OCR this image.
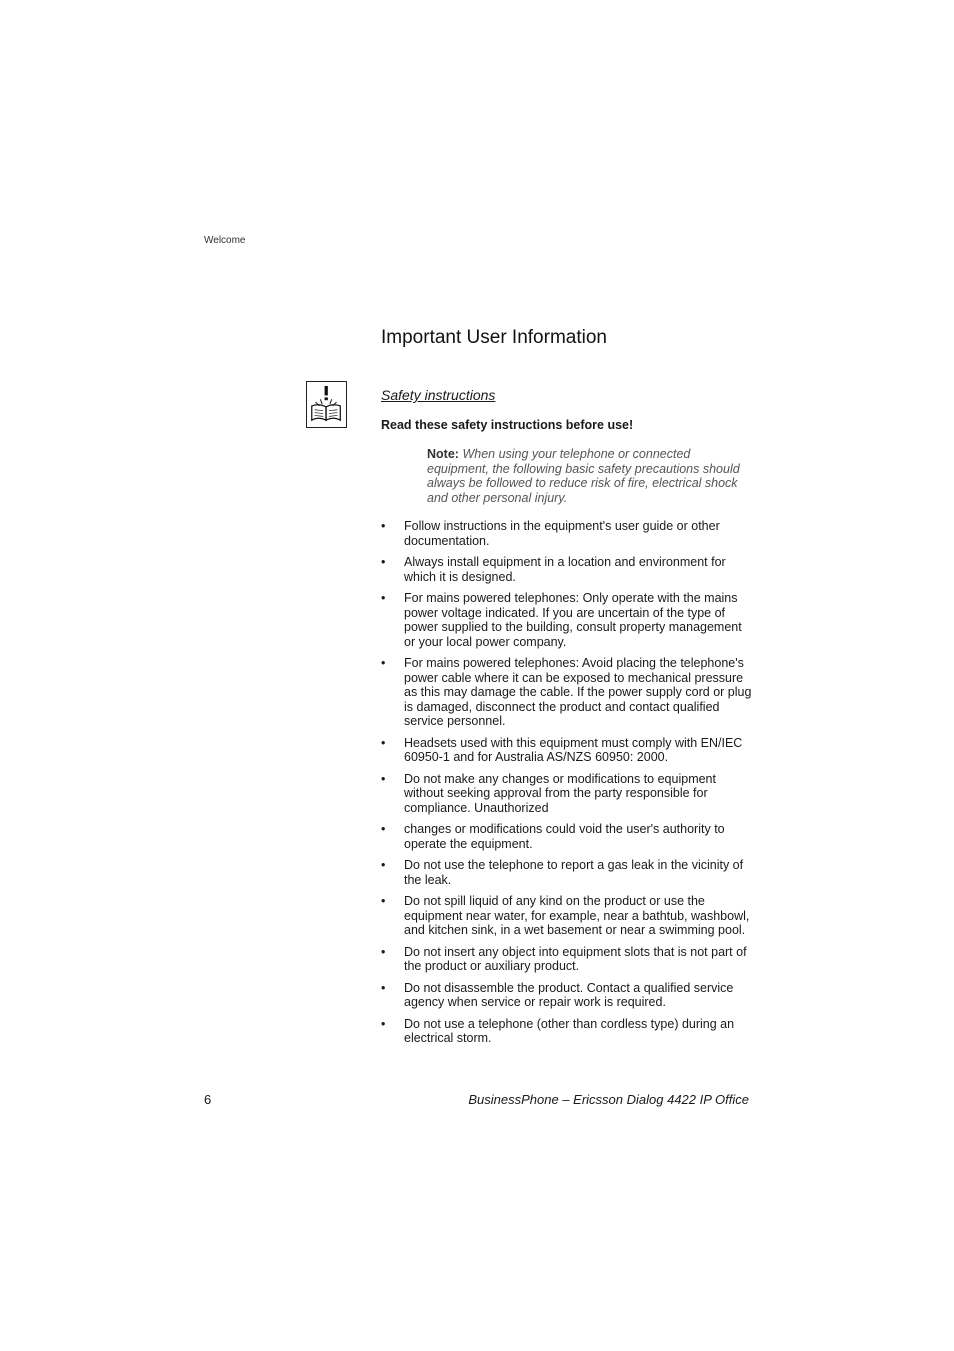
Welcome
Important User Information
Safety instructions

Read these safety instructions before use!

Note: When using your telephone or connected equipment, the following basic safety precautions should always be followed to reduce risk of fire, electrical shock and other personal injury.

• Follow instructions in the equipment's user guide or other documentation.
• Always install equipment in a location and environment for which it is designed.
• For mains powered telephones: Only operate with the mains power voltage indicated. If you are uncertain of the type of power supplied to the building, consult property management or your local power company.
• For mains powered telephones: Avoid placing the telephone's power cable where it can be exposed to mechanical pressure as this may damage the cable. If the power supply cord or plug is damaged, disconnect the product and contact qualified service personnel.
• Headsets used with this equipment must comply with EN/IEC 60950-1 and for Australia AS/NZS 60950: 2000.
• Do not make any changes or modifications to equipment without seeking approval from the party responsible for compliance. Unauthorized
• changes or modifications could void the user's authority to operate the equipment.
• Do not use the telephone to report a gas leak in the vicinity of the leak.
• Do not spill liquid of any kind on the product or use the equipment near water, for example, near a bathtub, washbowl, and kitchen sink, in a wet basement or near a swimming pool.
• Do not insert any object into equipment slots that is not part of the product or auxiliary product.
• Do not disassemble the product. Contact a qualified service agency when service or repair work is required.
• Do not use a telephone (other than cordless type) during an electrical storm.
6	BusinessPhone – Ericsson Dialog 4422 IP Office
